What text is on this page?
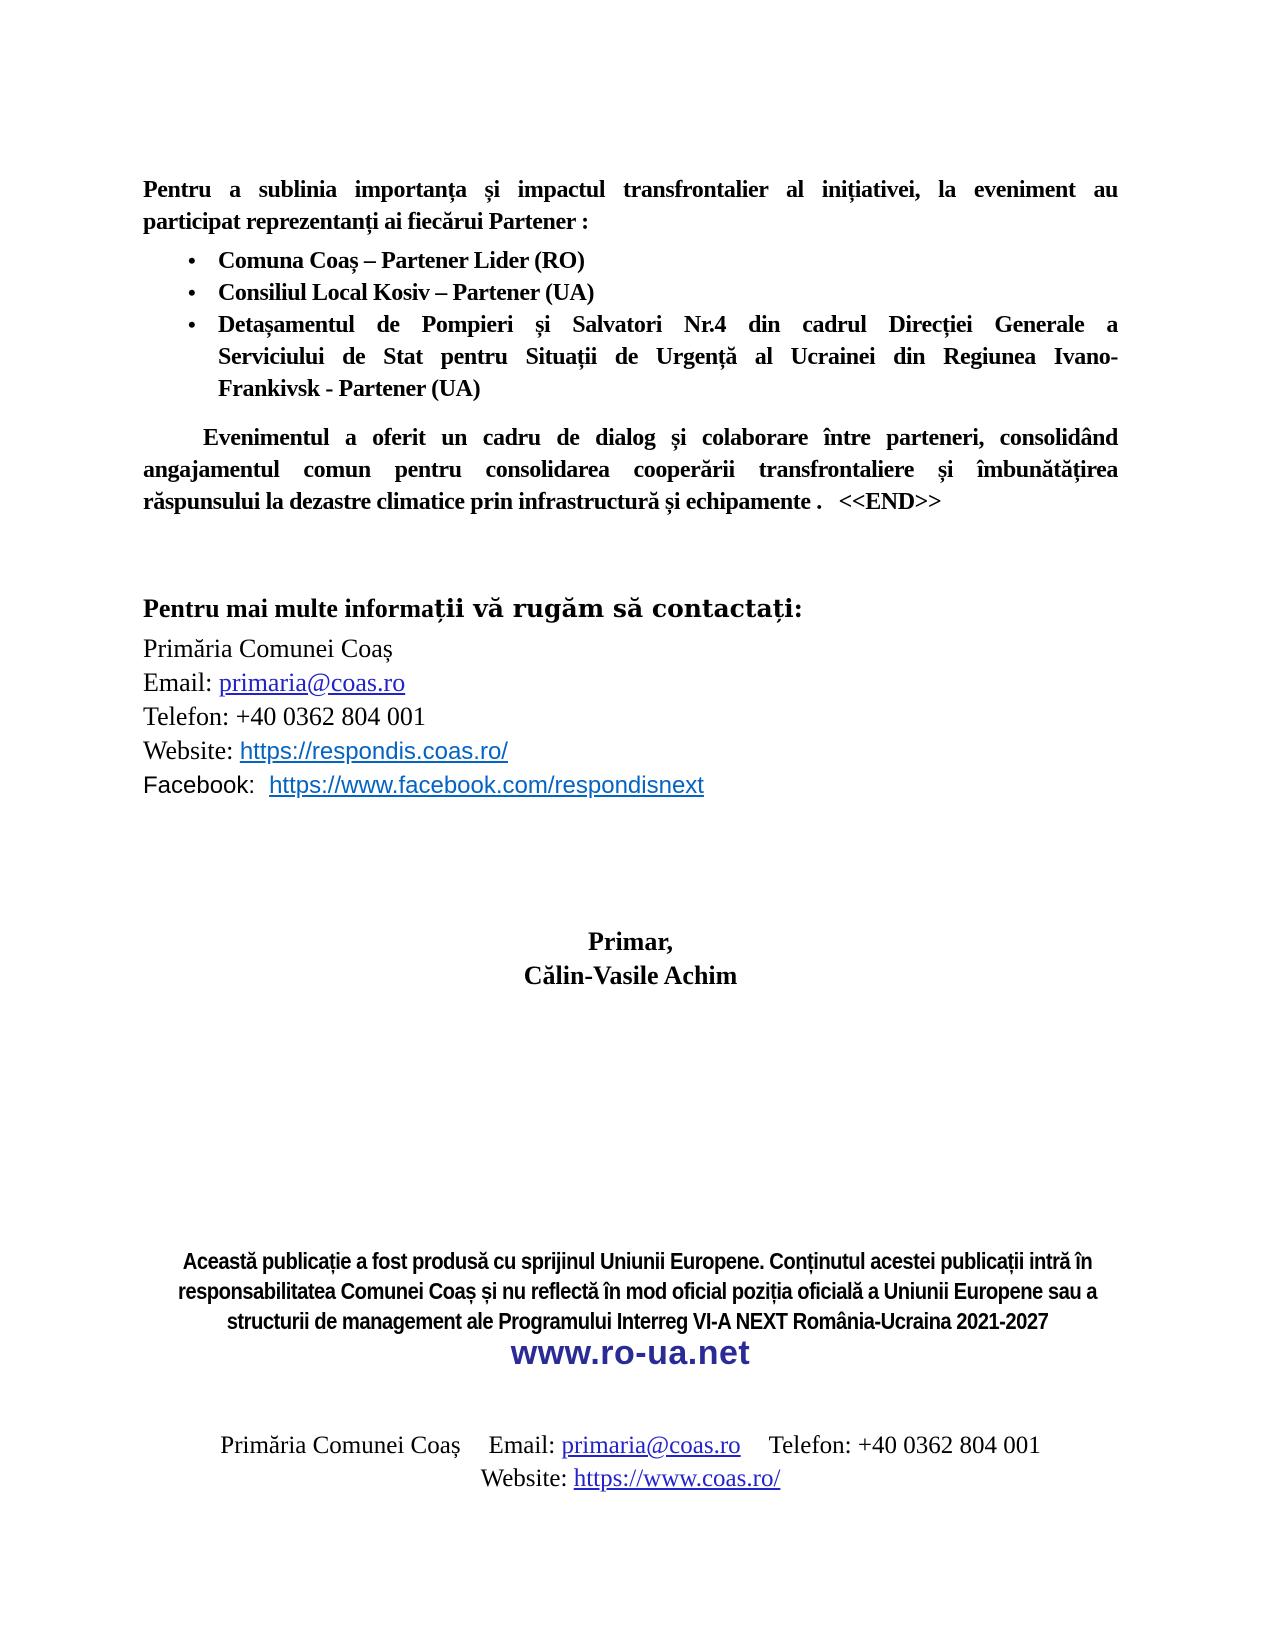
Pentru a sublinia importanța și impactul transfrontalier al inițiativei, la eveniment au
participat reprezentanți ai fiecărui Partener :
• Comuna Coaș – Partener Lider (RO)
• Consiliul Local Kosiv – Partener (UA)
• Detașamentul de Pompieri și Salvatori Nr.4 din cadrul Direcției Generale a
Serviciului de Stat pentru Situații de Urgență al Ucrainei din Regiunea Ivano-
Frankivsk - Partener (UA)
Evenimentul a oferit un cadru de dialog și colaborare între parteneri, consolidând
angajamentul comun pentru consolidarea cooperării transfrontaliere și îmbunătățirea
răspunsului la dezastre climatice prin infrastructură și echipamente .   <<END>>
Pentru mai multe informații vă rugăm să contactați:
Primăria Comunei Coaș
Email: primaria@coas.ro
Telefon: +40 0362 804 001
Website: https://respondis.coas.ro/
Facebook: https://www.facebook.com/respondisnext
Primar,
Călin-Vasile Achim
Această publicație a fost produsă cu sprijinul Uniunii Europene. Conținutul acestei publicații intră în
responsabilitatea Comunei Coaș și nu reflectă în mod oficial poziția oficială a Uniunii Europene sau a
structurii de management ale Programului Interreg VI-A NEXT România-Ucraina 2021-2027
www.ro-ua.net
Primăria Comunei Coaș Email: primaria@coas.ro Telefon: +40 0362 804 001
Website: https://www.coas.ro/
